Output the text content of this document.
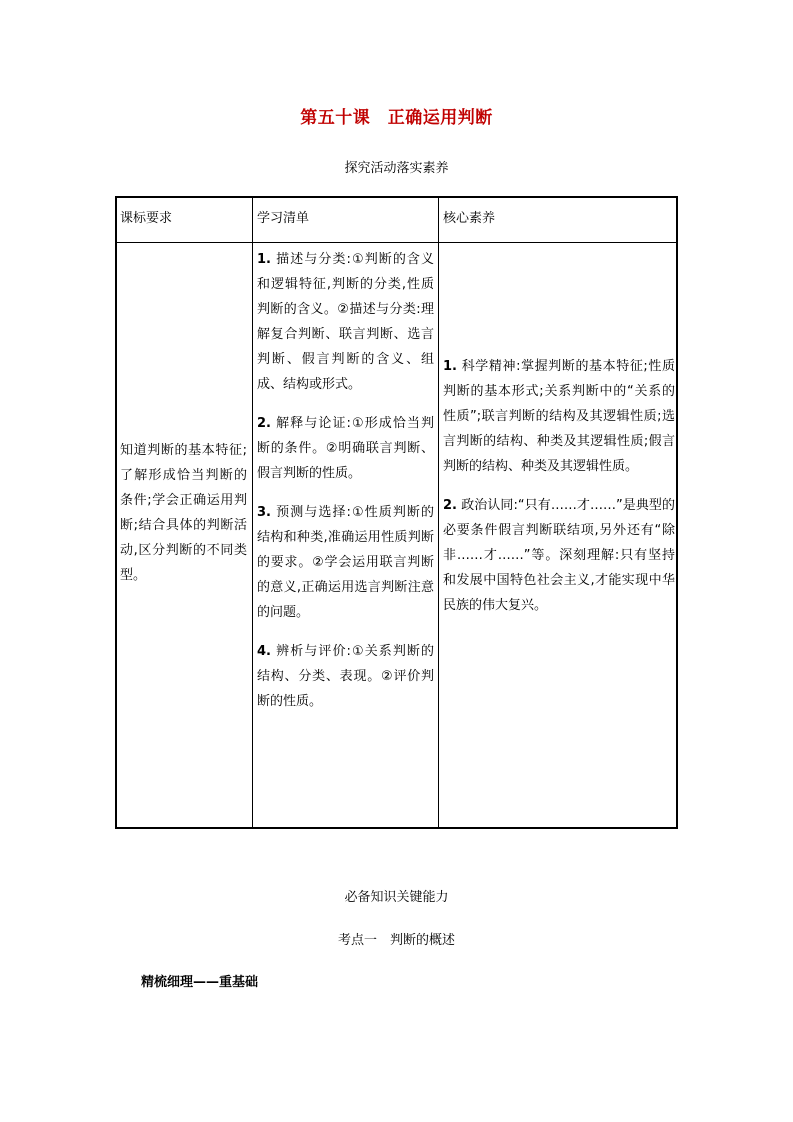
第五十课　正确运用判断
探究活动落实素养
课标要求	学习清单	核心素养

知道判断的基本特征;了解形成恰当判断的条件;学会正确运用判断;结合具体的判断活动,区分判断的不同类型。

1. 描述与分类:①判断的含义和逻辑特征,判断的分类,性质判断的含义。②描述与分类:理解复合判断、联言判断、选言判断、假言判断的含义、组成、结构或形式。

2. 解释与论证:①形成恰当判断的条件。②明确联言判断、假言判断的性质。

3. 预测与选择:①性质判断的结构和种类,准确运用性质判断的要求。②学会运用联言判断的意义,正确运用选言判断注意的问题。

4. 辨析与评价:①关系判断的结构、分类、表现。②评价判断的性质。

1. 科学精神:掌握判断的基本特征;性质判断的基本形式;关系判断中的“关系的性质”;联言判断的结构及其逻辑性质;选言判断的结构、种类及其逻辑性质;假言判断的结构、种类及其逻辑性质。

2. 政治认同:“只有……才……”是典型的必要条件假言判断联结项,另外还有“除非……才……”等。深刻理解:只有坚持和发展中国特色社会主义,才能实现中华民族的伟大复兴。

必备知识关键能力
考点一　判断的概述
精梳细理——重基础
